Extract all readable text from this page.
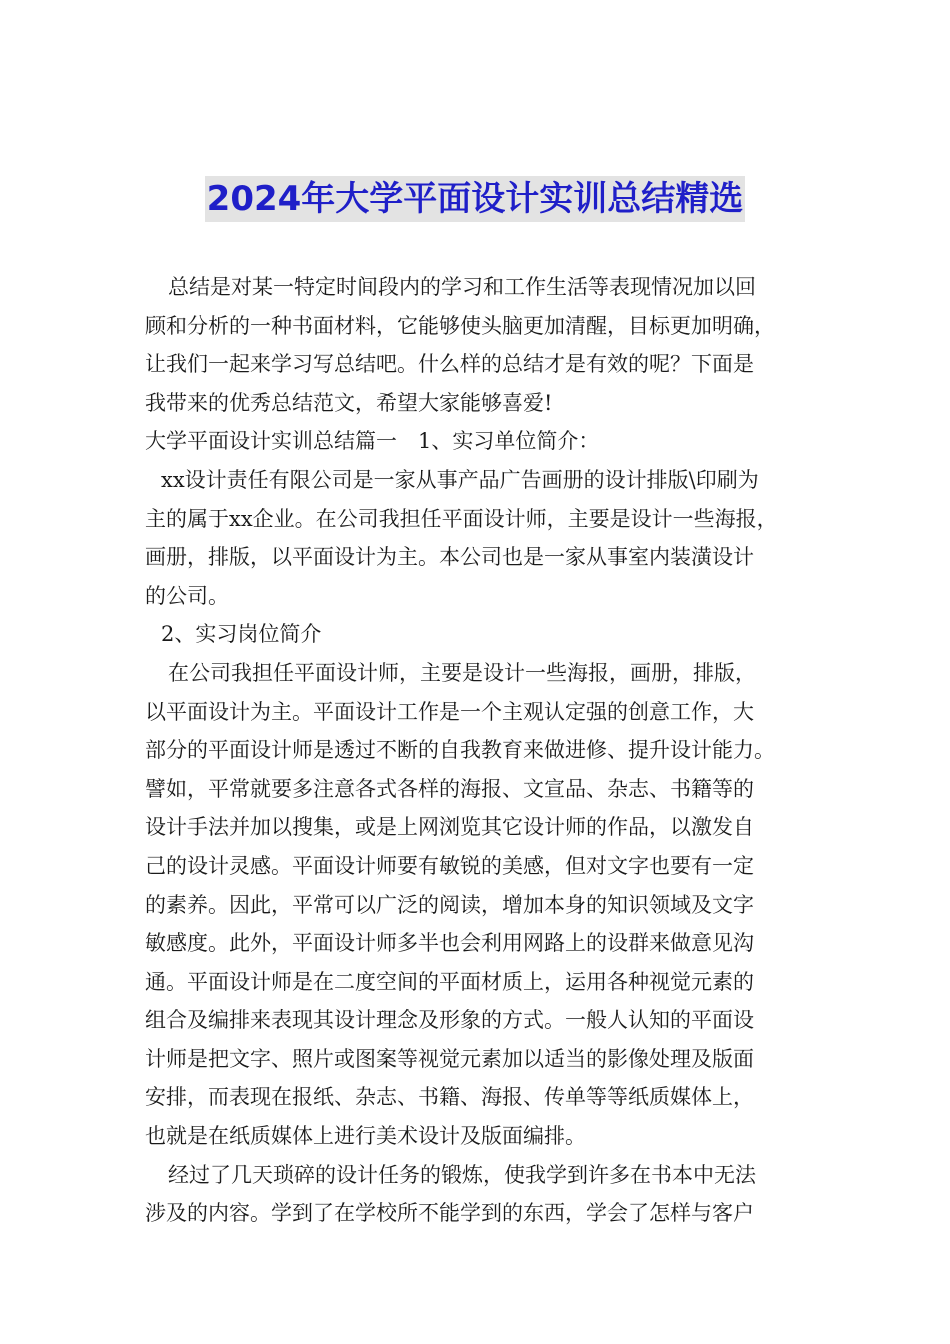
2024年大学平面设计实训总结精选

总结是对某一特定时间段内的学习和工作生活等表现情况加以回
顾和分析的一种书面材料，它能够使头脑更加清醒，目标更加明确，
让我们一起来学习写总结吧。什么样的总结才是有效的呢？下面是
我带来的优秀总结范文，希望大家能够喜爱!

大学平面设计实训总结篇一　1、实习单位简介：

xx设计责任有限公司是一家从事产品广告画册的设计排版\印刷为
主的属于xx企业。在公司我担任平面设计师，主要是设计一些海报，
画册，排版，以平面设计为主。本公司也是一家从事室内装潢设计
的公司。

2、实习岗位简介

在公司我担任平面设计师，主要是设计一些海报，画册，排版，
以平面设计为主。平面设计工作是一个主观认定强的创意工作，大
部分的平面设计师是透过不断的自我教育来做进修、提升设计能力。
譬如，平常就要多注意各式各样的海报、文宣品、杂志、书籍等的
设计手法并加以搜集，或是上网浏览其它设计师的作品，以激发自
己的设计灵感。平面设计师要有敏锐的美感，但对文字也要有一定
的素养。因此，平常可以广泛的阅读，增加本身的知识领域及文字
敏感度。此外，平面设计师多半也会利用网路上的设群来做意见沟
通。平面设计师是在二度空间的平面材质上，运用各种视觉元素的
组合及编排来表现其设计理念及形象的方式。一般人认知的平面设
计师是把文字、照片或图案等视觉元素加以适当的影像处理及版面
安排，而表现在报纸、杂志、书籍、海报、传单等等纸质媒体上，
也就是在纸质媒体上进行美术设计及版面编排。

经过了几天琐碎的设计任务的锻炼，使我学到许多在书本中无法
涉及的内容。学到了在学校所不能学到的东西，学会了怎样与客户
